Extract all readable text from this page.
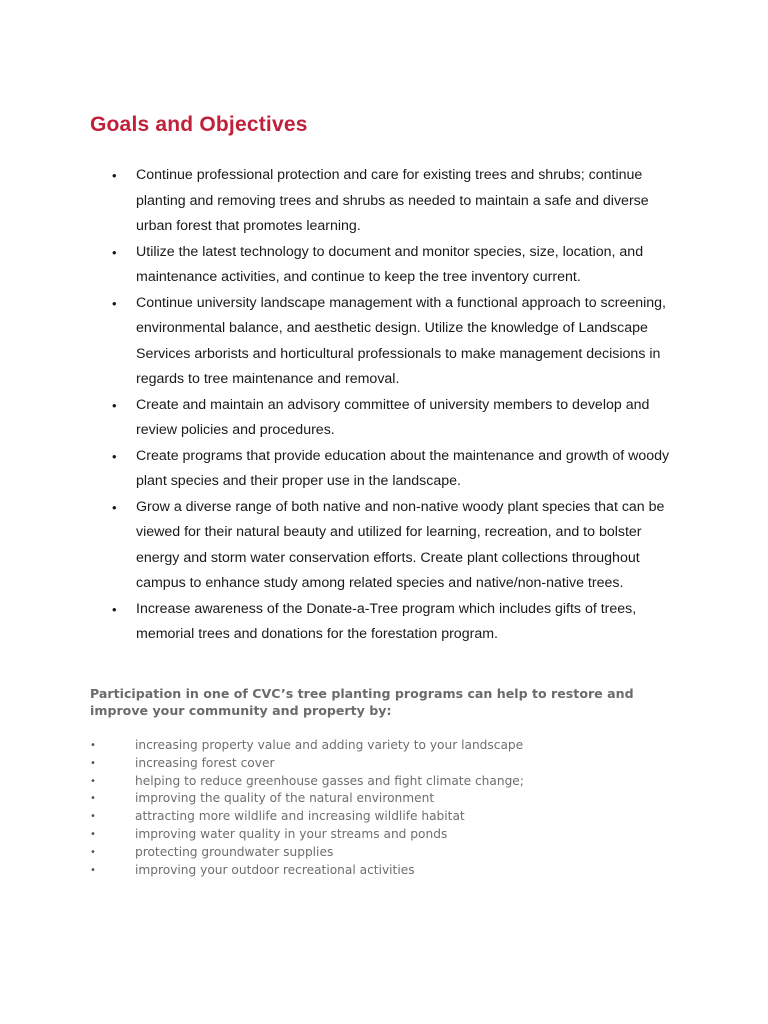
Goals and Objectives
• Continue professional protection and care for existing trees and shrubs; continue planting and removing trees and shrubs as needed to maintain a safe and diverse urban forest that promotes learning.
• Utilize the latest technology to document and monitor species, size, location, and maintenance activities, and continue to keep the tree inventory current.
• Continue university landscape management with a functional approach to screening, environmental balance, and aesthetic design. Utilize the knowledge of Landscape Services arborists and horticultural professionals to make management decisions in regards to tree maintenance and removal.
• Create and maintain an advisory committee of university members to develop and review policies and procedures.
• Create programs that provide education about the maintenance and growth of woody plant species and their proper use in the landscape.
• Grow a diverse range of both native and non-native woody plant species that can be viewed for their natural beauty and utilized for learning, recreation, and to bolster energy and storm water conservation efforts. Create plant collections throughout campus to enhance study among related species and native/non-native trees.
• Increase awareness of the Donate-a-Tree program which includes gifts of trees, memorial trees and donations for the forestation program.

Participation in one of CVC’s tree planting programs can help to restore and improve your community and property by:

•	increasing property value and adding variety to your landscape
•	increasing forest cover
•	helping to reduce greenhouse gasses and fight climate change;
•	improving the quality of the natural environment
•	attracting more wildlife and increasing wildlife habitat
•	improving water quality in your streams and ponds
•	protecting groundwater supplies
•	improving your outdoor recreational activities
